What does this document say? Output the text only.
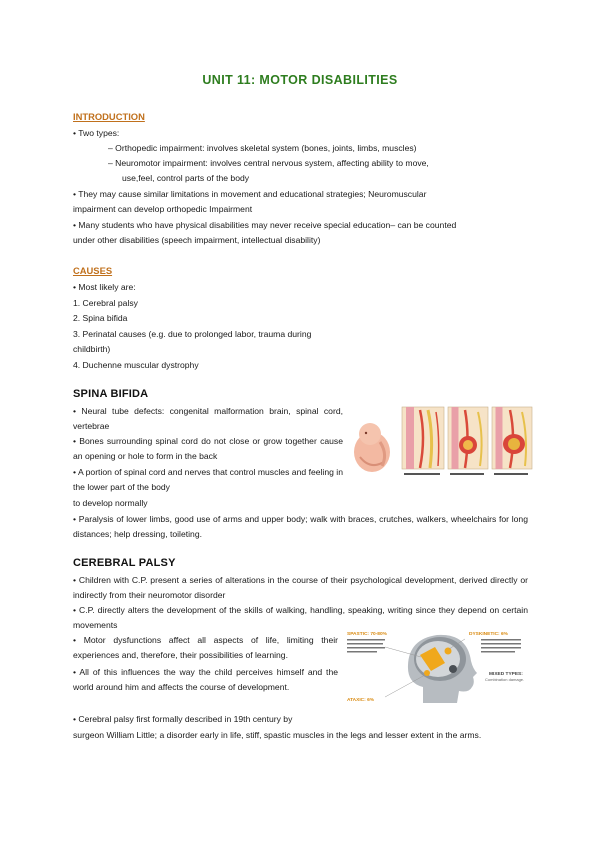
UNIT 11: MOTOR DISABILITIES
INTRODUCTION
• Two types:
– Orthopedic impairment: involves skeletal system (bones, joints, limbs, muscles)
– Neuromotor impairment: involves central nervous system, affecting ability to move,
use,feel, control parts of the body
• They may cause similar limitations in movement and educational strategies; Neuromuscular
impairment can develop orthopedic Impairment
• Many students who have physical disabilities may never receive special education– can be counted
under other disabilities (speech impairment, intellectual disability)
CAUSES
• Most likely are:
1. Cerebral palsy
2. Spina bifida
3. Perinatal causes (e.g. due to prolonged labor, trauma during
childbirth)
4. Duchenne muscular dystrophy
SPINA BIFIDA
• Neural tube defects: congenital malformation brain, spinal cord, vertebrae
• Bones surrounding spinal cord do not close or grow together cause an opening or hole to form in the back
• A portion of spinal cord and nerves that control muscles and feeling in the lower part of the body
to develop normally
• Paralysis of lower limbs, good use of arms and upper body; walk with braces, crutches, walkers, wheelchairs for long distances; help dressing, toileting.
CEREBRAL PALSY
• Children with C.P. present a series of alterations in the course of their psychological development, derived directly or indirectly from their neuromotor disorder
• C.P. directly alters the development of the skills of walking, handling, speaking, writing since they depend on certain movements
• Motor dysfunctions affect all aspects of life, limiting their experiences and, therefore, their possibilities of learning.
• All of this influences the way the child perceives himself and the world around him and affects the course of development.
• Cerebral palsy first formally described in 19th century by
surgeon William Little; a disorder early in life, stiff, spastic muscles in the legs and lesser extent in the arms.
SPASTIC: 70-80%	DYSKINETIC: 6%
MIXED TYPES:
Combination damage.
ATAXIC: 6%
